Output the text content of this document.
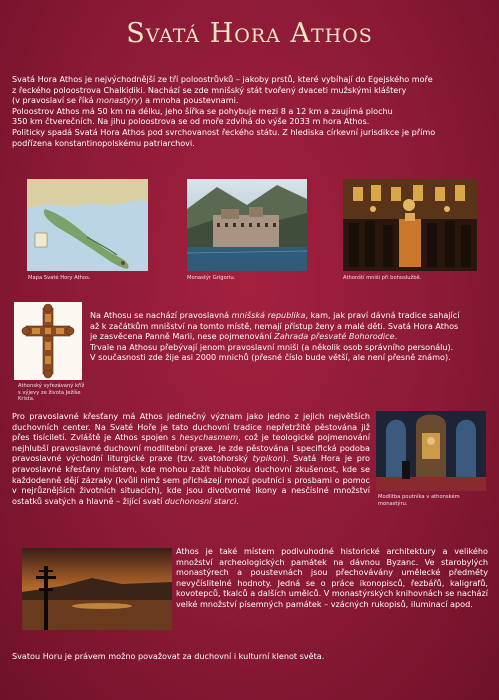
Svatá Hora Athos

Svatá Hora Athos je nejvýchodnější ze tří poloostrůvků – jakoby prstů, které vybíhají do Egejského moře

z řeckého poloostrova Chalkidiki. Nachází se zde mnišský stát tvořený dvaceti mužskými kláštery

(v pravoslaví se říká monastýry) a mnoha poustevnami.

Poloostrov Athos má 50 km na délku, jeho šířka se pohybuje mezi 8 a 12 km a zaujímá plochu

350 km čtverečních. Na jihu poloostrova se od moře zdvíhá do výše 2033 m hora Athos.

Politicky spadá Svatá Hora Athos pod svrchovanost řeckého státu. Z hlediska církevní jurisdikce je přímo

podřízena konstantinopolskému patriarchovi.

Mapa Svaté Hory Athos.	Monastýr Grigoriu.	Athonští mniši při bohoslužbě.
Athonský vyřezávaný kříž s výjevy ze života Ježíše Krista.

Na Athosu se nachází pravoslavná mnišská republika, kam, jak praví dávná tradice sahající

až k začátkům mnišství na tomto místě, nemají přístup ženy a malé děti. Svatá Hora Athos

je zasvěcena Panně Marii, nese pojmenování Zahrada přesvaté Bohorodice.

Trvale na Athosu přebývají jenom pravoslavní mniši (a několik osob správního personálu).

V současnosti zde žije asi 2000 mnichů (přesné číslo bude větší, ale není přesně známo).

Pro pravoslavné křesťany má Athos jedinečný význam jako jedno z jejich největších duchovních center. Na Svaté Hoře je tato duchovní tradice nepřetržitě pěstována již přes tisíciletí. Zvláště je Athos spojen s hesychasmem, což je teologické pojmenování nejhlubší pravoslavné duchovní modlitební praxe. Je zde pěstována i specifická podoba pravoslavné východní liturgické praxe (tzv. svatohorský typikon). Svatá Hora je pro pravoslavné křesťany místem, kde mohou zažít hlubokou duchovní zkušenost, kde se každodenně dějí zázraky (kvůli nimž sem přicházejí mnozí poutníci s prosbami o pomoc v nejrůznějších životních situacích), kde jsou divotvorné ikony a nesčíslné množství ostatků svatých a hlavně – žijící svatí duchonosní starci.	Modlitba poutníka v athonském monastýru.
Athos je také místem podivuhodné historické architektury a velikého množství archeologických památek na dávnou Byzanc. Ve starobylých monastýrech a poustevnách jsou přechovávány umělecké předměty nevyčíslitelné hodnoty. Jedná se o práce ikonopisců, řezbářů, kaligrafů, kovotepců, tkalců a dalších umělců. V monastýrských knihovnách se nachází velké množství písemných památek – vzácných rukopisů, iluminací apod.
Svatou Horu je právem možno považovat za duchovní i kulturní klenot světa.
